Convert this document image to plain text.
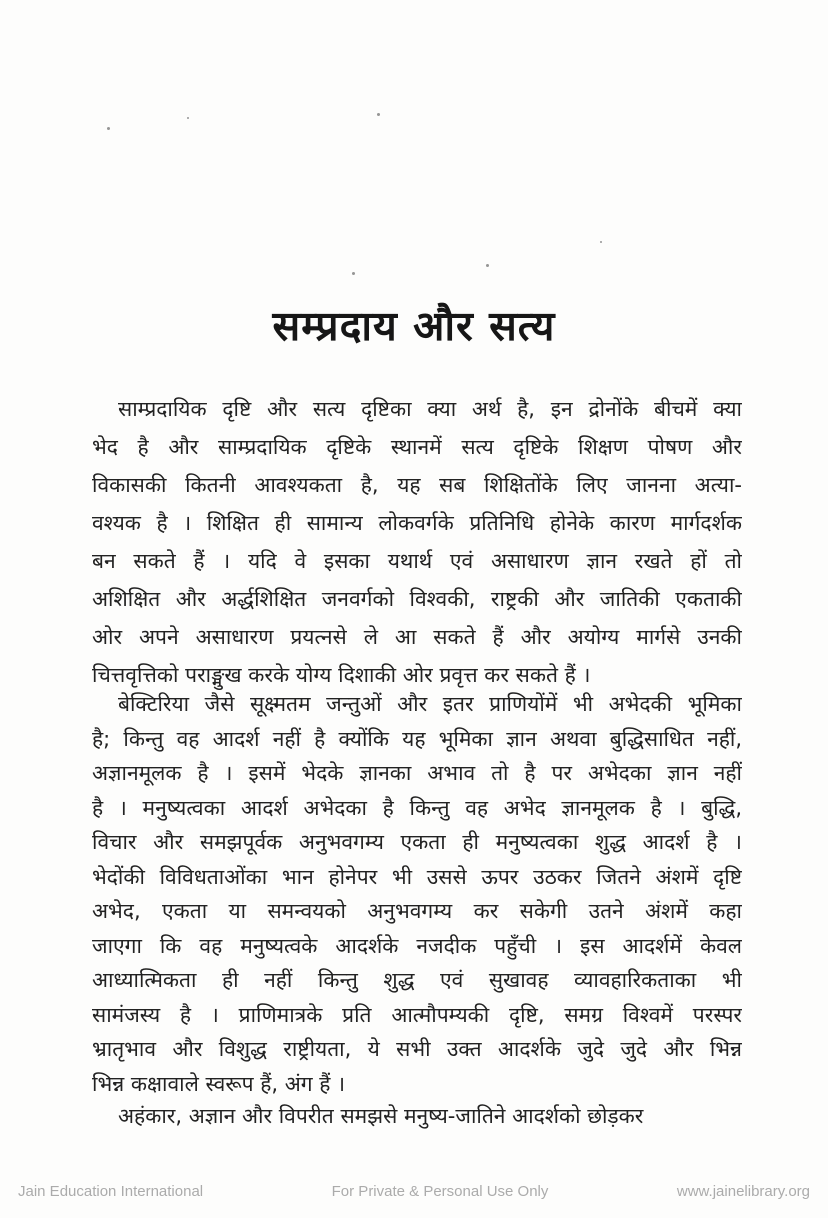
सम्प्रदाय और सत्य
साम्प्रदायिक दृष्टि और सत्य दृष्टिका क्या अर्थ है, इन द्रोनोंके बीचमें क्या
भेद है और साम्प्रदायिक दृष्टिके स्थानमें सत्य दृष्टिके शिक्षण पोषण और
विकासकी कितनी आवश्यकता है, यह सब शिक्षितोंके लिए जानना अत्या-
वश्यक है । शिक्षित ही सामान्य लोकवर्गके प्रतिनिधि होनेके कारण मार्गदर्शक
बन सकते हैं । यदि वे इसका यथार्थ एवं असाधारण ज्ञान रखते हों तो
अशिक्षित और अर्द्धशिक्षित जनवर्गको विश्वकी, राष्ट्रकी और जातिकी एकताकी
ओर अपने असाधारण प्रयत्नसे ले आ सकते हैं और अयोग्य मार्गसे उनकी
चित्तवृत्तिको पराङ्मुख करके योग्य दिशाकी ओर प्रवृत्त कर सकते हैं ।
बेक्टिरिया जैसे सूक्ष्मतम जन्तुओं और इतर प्राणियोंमें भी अभेदकी भूमिका
है; किन्तु वह आदर्श नहीं है क्योंकि यह भूमिका ज्ञान अथवा बुद्धिसाधित नहीं,
अज्ञानमूलक है । इसमें भेदके ज्ञानका अभाव तो है पर अभेदका ज्ञान नहीं
है । मनुष्यत्वका आदर्श अभेदका है किन्तु वह अभेद ज्ञानमूलक है । बुद्धि,
विचार और समझपूर्वक अनुभवगम्य एकता ही मनुष्यत्वका शुद्ध आदर्श है ।
भेदोंकी विविधताओंका भान होनेपर भी उससे ऊपर उठकर जितने अंशमें दृष्टि
अभेद, एकता या समन्वयको अनुभवगम्य कर सकेगी उतने अंशमें कहा
जाएगा कि वह मनुष्यत्वके आदर्शके नजदीक पहुँची । इस आदर्शमें केवल
आध्यात्मिकता ही नहीं किन्तु शुद्ध एवं सुखावह व्यावहारिकताका भी
सामंजस्य है । प्राणिमात्रके प्रति आत्मौपम्यकी दृष्टि, समग्र विश्वमें परस्पर
भ्रातृभाव और विशुद्ध राष्ट्रीयता, ये सभी उक्त आदर्शके जुदे जुदे और भिन्न
भिन्न कक्षावाले स्वरूप हैं, अंग हैं ।
अहंकार, अज्ञान और विपरीत समझसे मनुष्य-जातिने आदर्शको छोड़कर
Jain Education International	For Private & Personal Use Only	www.jainelibrary.org
